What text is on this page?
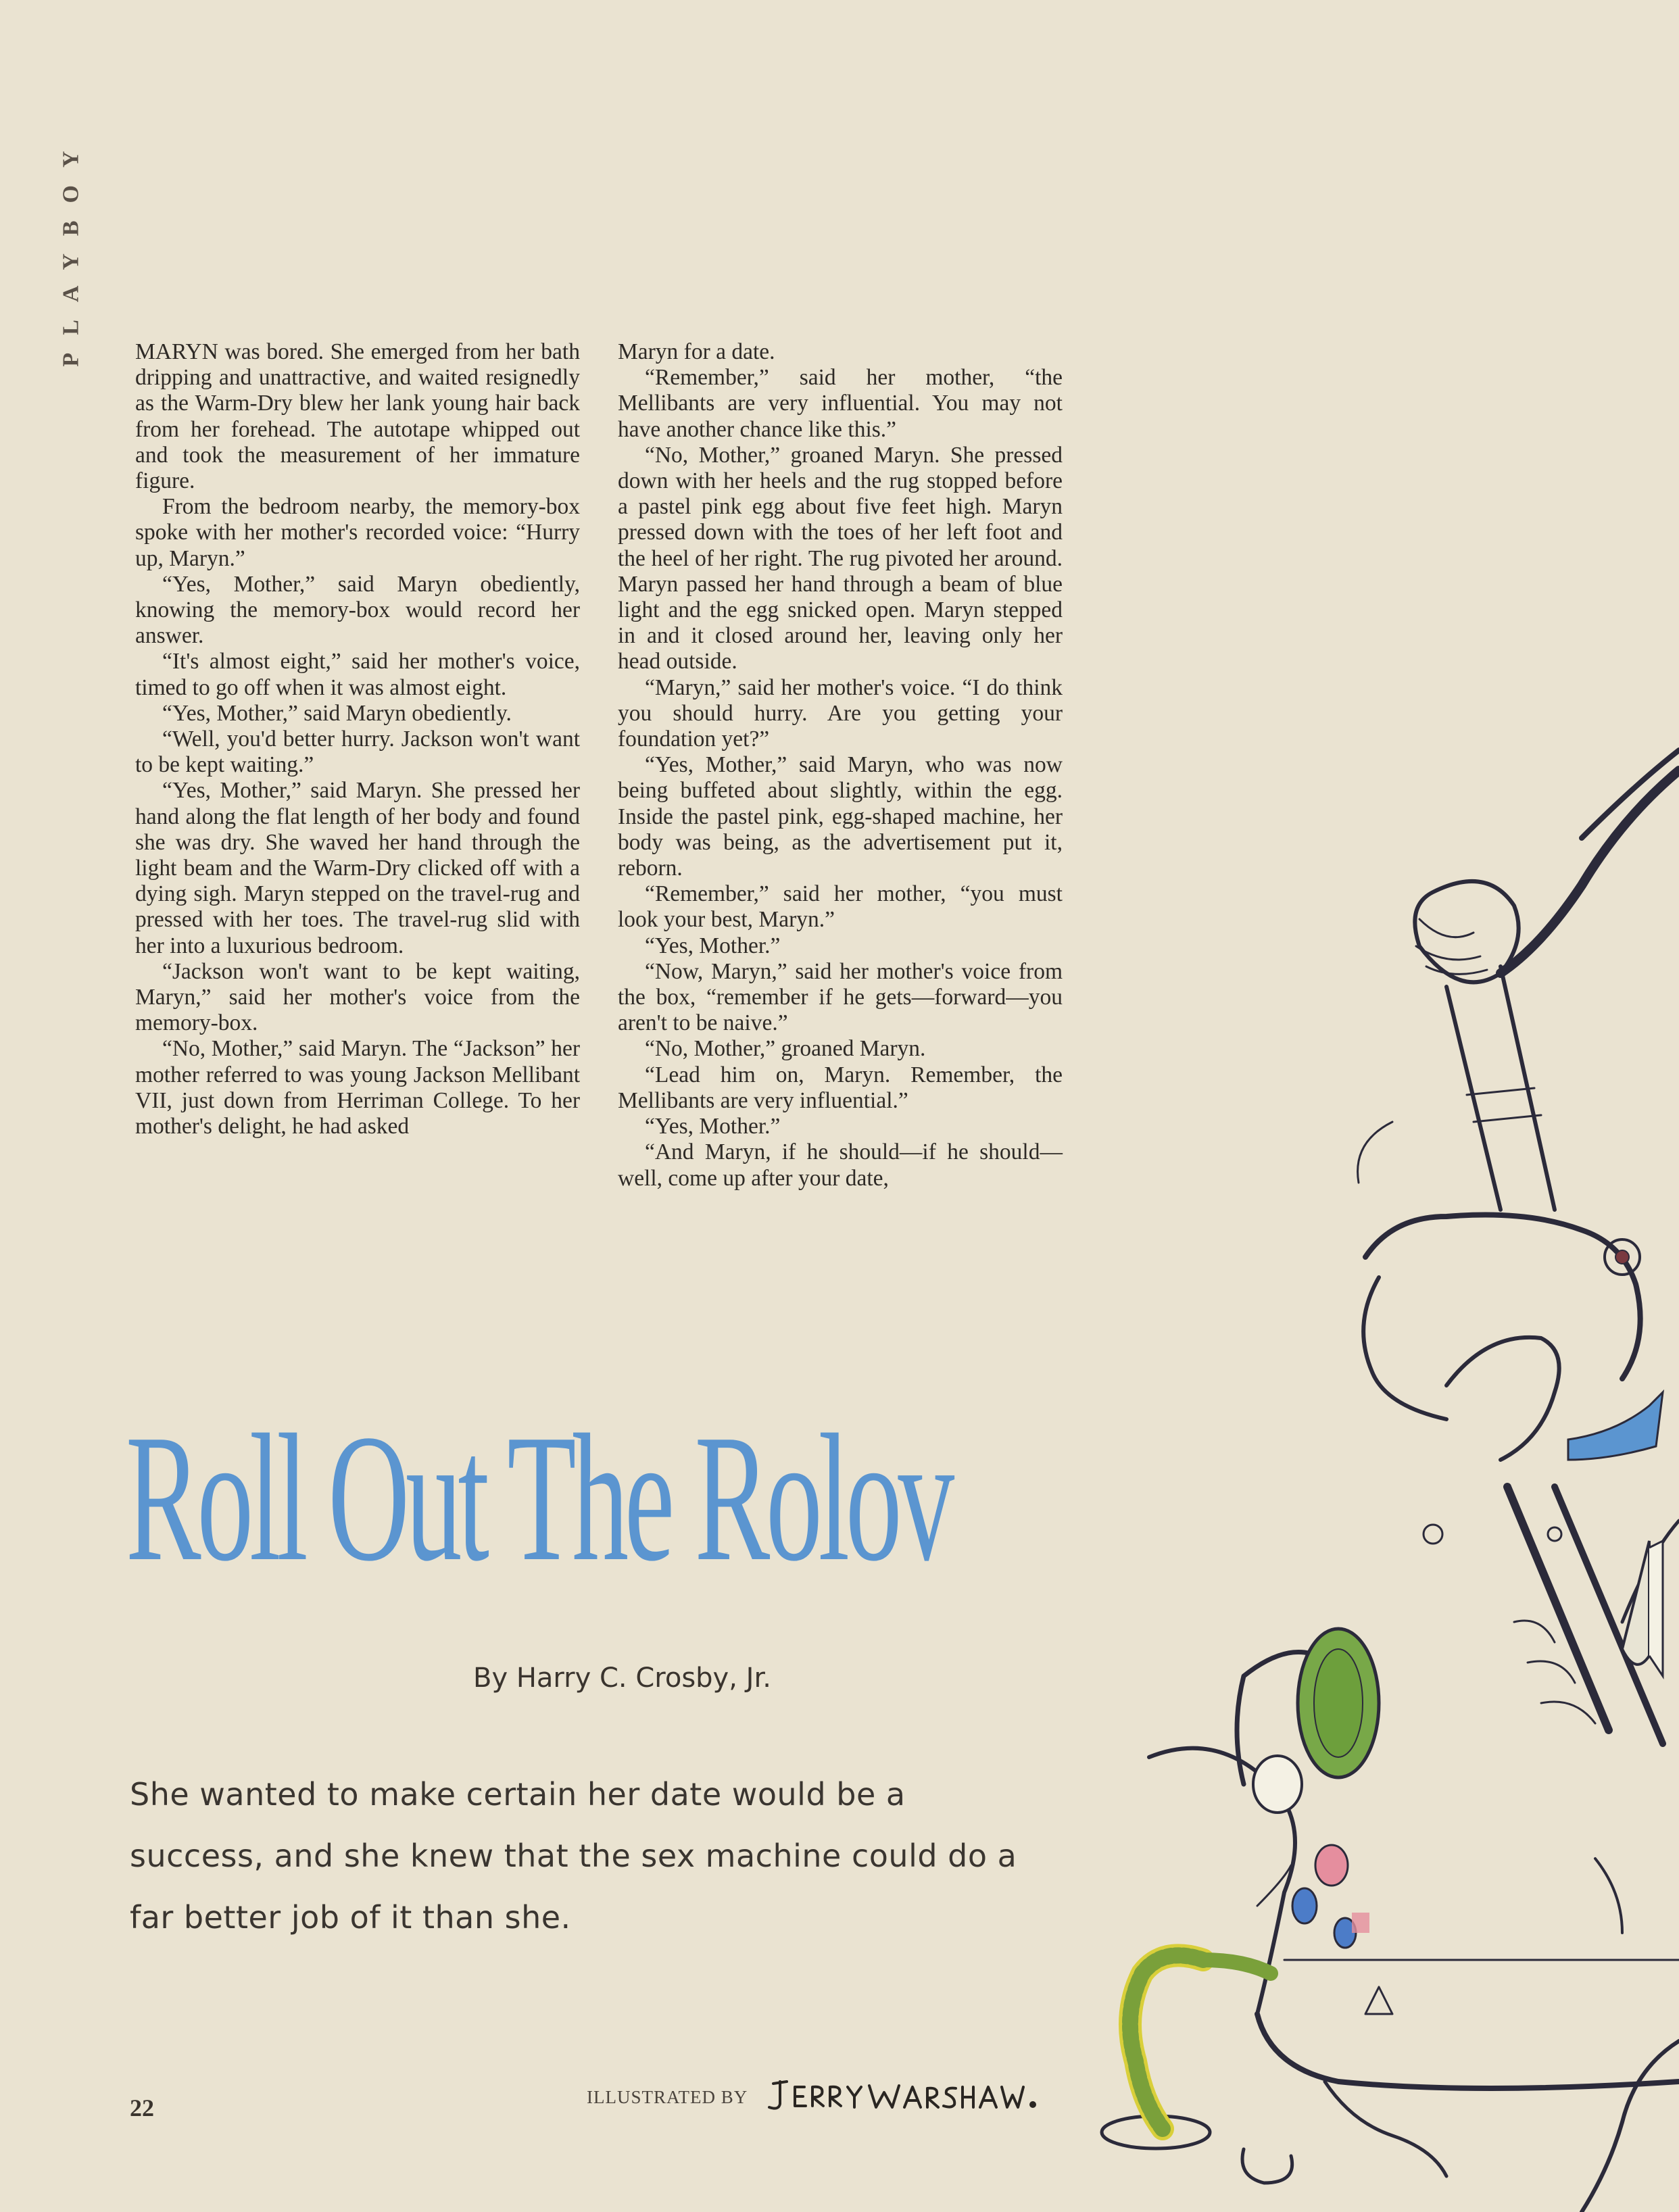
PLAYBOY MARYN was bored. She emerged from her bath dripping and unattractive, and waited resignedly as the Warm-Dry blew her lank young hair back from her forehead. The autotape whipped out and took the measurement of her immature figure.

From the bedroom nearby, the memory-box spoke with her mother's recorded voice: “Hurry up, Maryn.”

“Yes, Mother,” said Maryn obediently, knowing the memory-box would record her answer.

“It's almost eight,” said her mother's voice, timed to go off when it was almost eight.

“Yes, Mother,” said Maryn obediently.

“Well, you'd better hurry. Jackson won't want to be kept waiting.”

“Yes, Mother,” said Maryn. She pressed her hand along the flat length of her body and found she was dry. She waved her hand through the light beam and the Warm-Dry clicked off with a dying sigh. Maryn stepped on the travel-rug and pressed with her toes. The travel-rug slid with her into a luxurious bedroom.

“Jackson won't want to be kept waiting, Maryn,” said her mother's voice from the memory-box.

“No, Mother,” said Maryn. The “Jackson” her mother referred to was young Jackson Mellibant VII, just down from Herriman College. To her mother's delight, he had asked

Maryn for a date.

“Remember,” said her mother, “the Mellibants are very influential. You may not have another chance like this.”

“No, Mother,” groaned Maryn. She pressed down with her heels and the rug stopped before a pastel pink egg about five feet high. Maryn pressed down with the toes of her left foot and the heel of her right. The rug pivoted her around. Maryn passed her hand through a beam of blue light and the egg snicked open. Maryn stepped in and it closed around her, leaving only her head outside.

“Maryn,” said her mother's voice. “I do think you should hurry. Are you getting your foundation yet?”

“Yes, Mother,” said Maryn, who was now being buffeted about slightly, within the egg. Inside the pastel pink, egg-shaped machine, her body was being, as the advertisement put it, reborn.

“Remember,” said her mother, “you must look your best, Maryn.”

“Yes, Mother.”

“Now, Maryn,” said her mother's voice from the box, “remember if he gets—forward—you aren't to be naive.”

“No, Mother,” groaned Maryn.

“Lead him on, Maryn. Remember, the Mellibants are very influential.”

“Yes, Mother.”

“And Maryn, if he should—if he should—well, come up after your date,

Roll Out The Rolov
By Harry C. Crosby, Jr.
She wanted to make certain her date would be a success, and she knew that the sex machine could do a far better job of it than she.
ILLUSTRATED BY
22
